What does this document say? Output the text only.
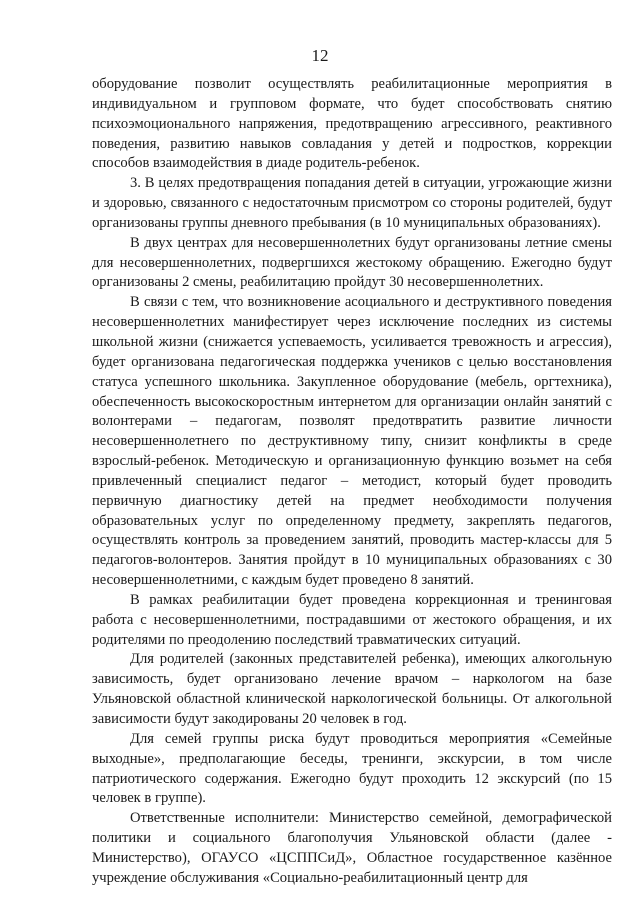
12

оборудование позволит осуществлять реабилитационные мероприятия в индивидуальном и групповом формате, что будет способствовать снятию психоэмоционального напряжения, предотвращению агрессивного, реактивного поведения, развитию навыков совладания у детей и подростков, коррекции способов взаимодействия в диаде родитель-ребенок.

3. В целях предотвращения попадания детей в ситуации, угрожающие жизни и здоровью, связанного с недостаточным присмотром со стороны родителей, будут организованы группы дневного пребывания (в 10 муниципальных образованиях).

В двух центрах для несовершеннолетних будут организованы летние смены для несовершеннолетних, подвергшихся жестокому обращению. Ежегодно будут организованы 2 смены, реабилитацию пройдут 30 несовершеннолетних.

В связи с тем, что возникновение асоциального и деструктивного поведения несовершеннолетних манифестирует через исключение последних из системы школьной жизни (снижается успеваемость, усиливается тревожность и агрессия), будет организована педагогическая поддержка учеников с целью восстановления статуса успешного школьника. Закупленное оборудование (мебель, оргтехника), обеспеченность высокоскоростным интернетом для организации онлайн занятий с волонтерами – педагогам, позволят предотвратить развитие личности несовершеннолетнего по деструктивному типу, снизит конфликты в среде взрослый-ребенок. Методическую и организационную функцию возьмет на себя привлеченный специалист педагог – методист, который будет проводить первичную диагностику детей на предмет необходимости получения образовательных услуг по определенному предмету, закреплять педагогов, осуществлять контроль за проведением занятий, проводить мастер-классы для 5 педагогов-волонтеров. Занятия пройдут в 10 муниципальных образованиях с 30 несовершеннолетними, с каждым будет проведено 8 занятий.

В рамках реабилитации будет проведена коррекционная и тренинговая работа с несовершеннолетними, пострадавшими от жестокого обращения, и их родителями по преодолению последствий травматических ситуаций.

Для родителей (законных представителей ребенка), имеющих алкогольную зависимость, будет организовано лечение врачом – наркологом на базе Ульяновской областной клинической наркологической больницы. От алкогольной зависимости будут закодированы 20 человек в год.

Для семей группы риска будут проводиться мероприятия «Семейные выходные», предполагающие беседы, тренинги, экскурсии, в том числе патриотического содержания. Ежегодно будут проходить 12 экскурсий (по 15 человек в группе).

Ответственные исполнители: Министерство семейной, демографической политики и социального благополучия Ульяновской области (далее - Министерство), ОГАУСО «ЦСППСиД», Областное государственное казённое учреждение обслуживания «Социально-реабилитационный центр для
